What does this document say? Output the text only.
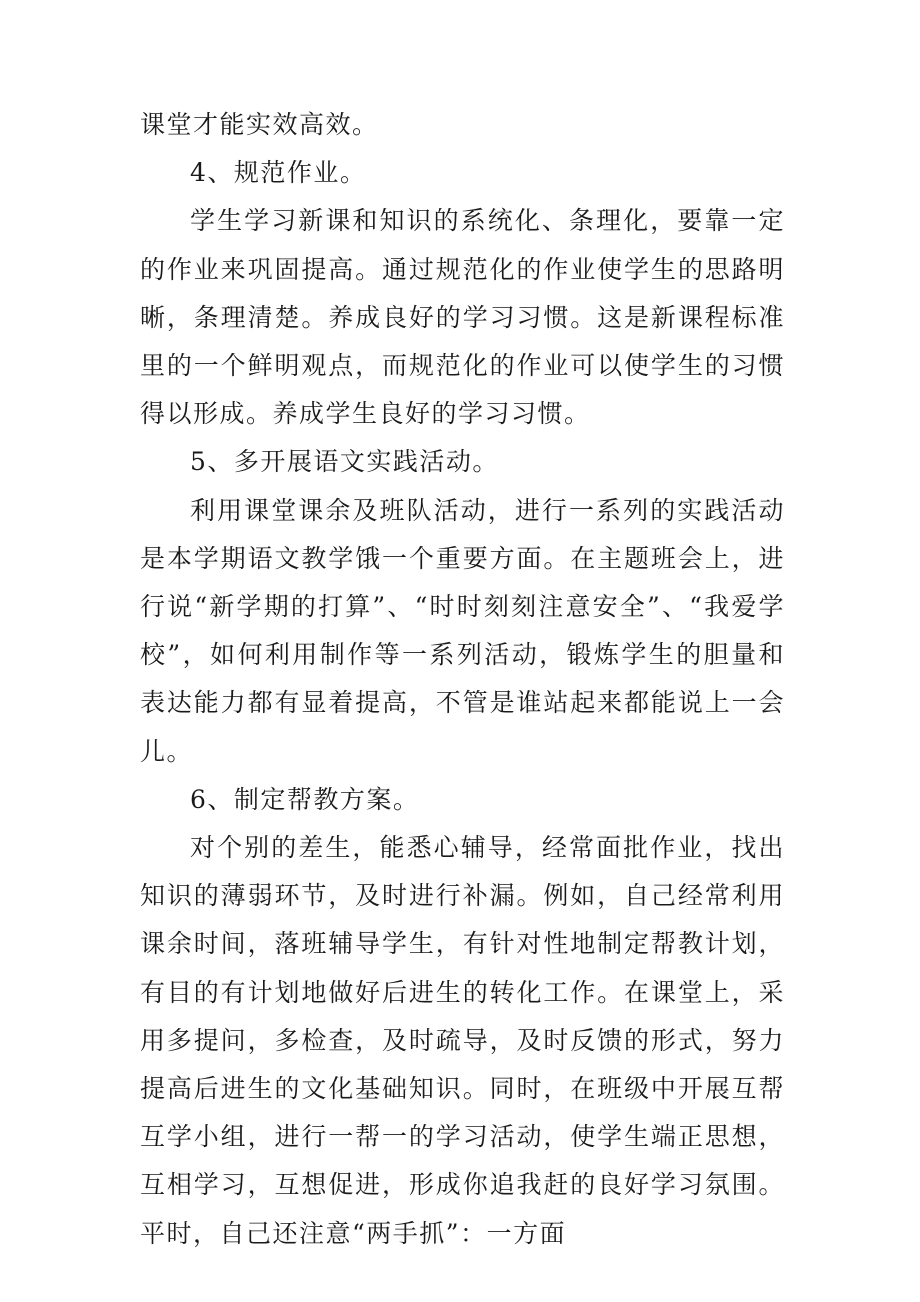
课堂才能实效高效。

4、规范作业。

学生学习新课和知识的系统化、条理化，要靠一定的作业来巩固提高。通过规范化的作业使学生的思路明晰，条理清楚。养成良好的学习习惯。这是新课程标准里的一个鲜明观点，而规范化的作业可以使学生的习惯得以形成。养成学生良好的学习习惯。

5、多开展语文实践活动。

利用课堂课余及班队活动，进行一系列的实践活动是本学期语文教学饿一个重要方面。在主题班会上，进行说“新学期的打算”、“时时刻刻注意安全”、“我爱学校”，如何利用制作等一系列活动，锻炼学生的胆量和表达能力都有显着提高，不管是谁站起来都能说上一会儿。

6、制定帮教方案。

对个别的差生，能悉心辅导，经常面批作业，找出知识的薄弱环节，及时进行补漏。例如，自己经常利用课余时间，落班辅导学生，有针对性地制定帮教计划，有目的有计划地做好后进生的转化工作。在课堂上，采用多提问，多检查，及时疏导，及时反馈的形式，努力提高后进生的文化基础知识。同时，在班级中开展互帮互学小组，进行一帮一的学习活动，使学生端正思想，互相学习，互想促进，形成你追我赶的良好学习氛围。平时，自己还注意“两手抓”：一方面
